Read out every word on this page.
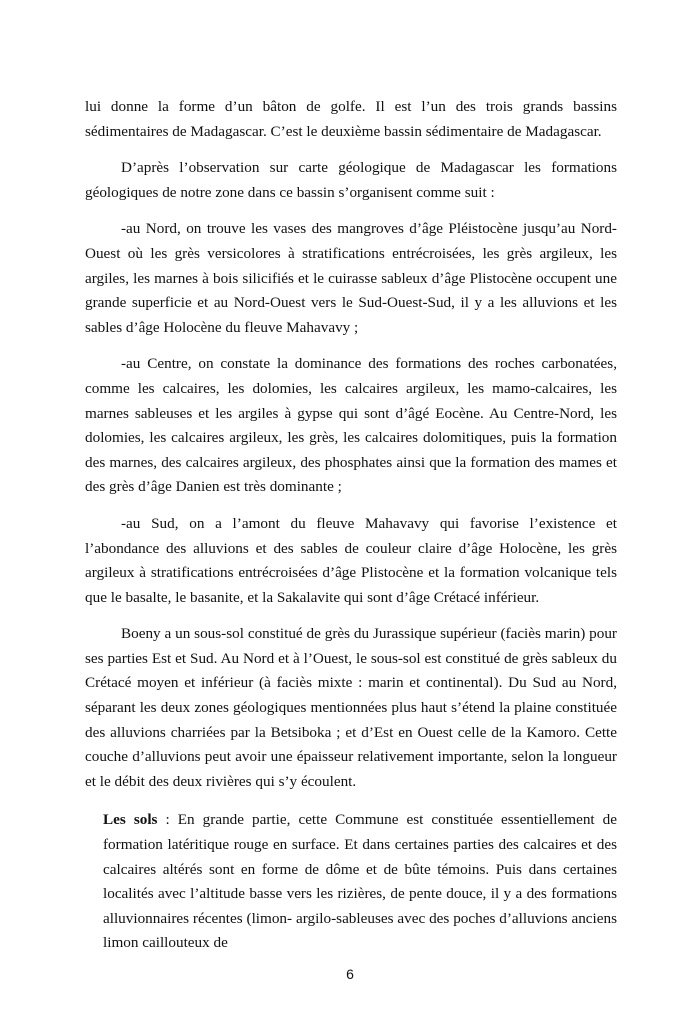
lui donne la forme d’un bâton de golfe. Il est l’un des trois grands bassins sédimentaires de Madagascar. C’est le deuxième bassin sédimentaire de Madagascar.

D’après l’observation sur carte géologique de Madagascar les formations géologiques de notre zone dans ce bassin s’organisent comme suit :

-au Nord, on trouve les vases des mangroves d’âge Pléistocène jusqu’au Nord-Ouest où les grès versicolores à stratifications entrécroisées, les grès argileux, les argiles, les marnes à bois silicifiés et le cuirasse sableux d’âge Plistocène occupent une grande superficie et au Nord-Ouest vers le Sud-Ouest-Sud, il y a les alluvions et les sables d’âge Holocène du fleuve Mahavavy ;

-au Centre, on constate la dominance des formations des roches carbonatées, comme les calcaires, les dolomies, les calcaires argileux, les mamo-calcaires, les marnes sableuses et les argiles à gypse qui sont d’âgé Eocène. Au Centre-Nord, les dolomies, les calcaires argileux, les grès, les calcaires dolomitiques, puis la formation des marnes, des calcaires argileux, des phosphates ainsi que la formation des mames et des grès d’âge Danien est très dominante ;

-au Sud, on a l’amont du fleuve Mahavavy qui favorise l’existence et l’abondance des alluvions et des sables de couleur claire d’âge Holocène, les grès argileux à stratifications entrécroisées d’âge Plistocène et la formation volcanique tels que le basalte, le basanite, et la Sakalavite qui sont d’âge Crétacé inférieur.

Boeny a un sous-sol constitué de grès du Jurassique supérieur (faciès marin) pour ses parties Est et Sud. Au Nord et à l’Ouest, le sous-sol est constitué de grès sableux du Crétacé moyen et inférieur (à faciès mixte : marin et continental). Du Sud au Nord, séparant les deux zones géologiques mentionnées plus haut s’étend la plaine constituée des alluvions charriées par la Betsiboka ; et d’Est en Ouest celle de la Kamoro. Cette couche d’alluvions peut avoir une épaisseur relativement importante, selon la longueur et le débit des deux rivières qui s’y écoulent.

Les sols : En grande partie, cette Commune est constituée essentiellement de formation latéritique rouge en surface. Et dans certaines parties des calcaires et des calcaires altérés sont en forme de dôme et de bûte témoins. Puis dans certaines localités avec l’altitude basse vers les rizières, de pente douce, il y a des formations alluvionnaires récentes (limon- argilo-sableuses avec des poches d’alluvions anciens limon caillouteux de

6
